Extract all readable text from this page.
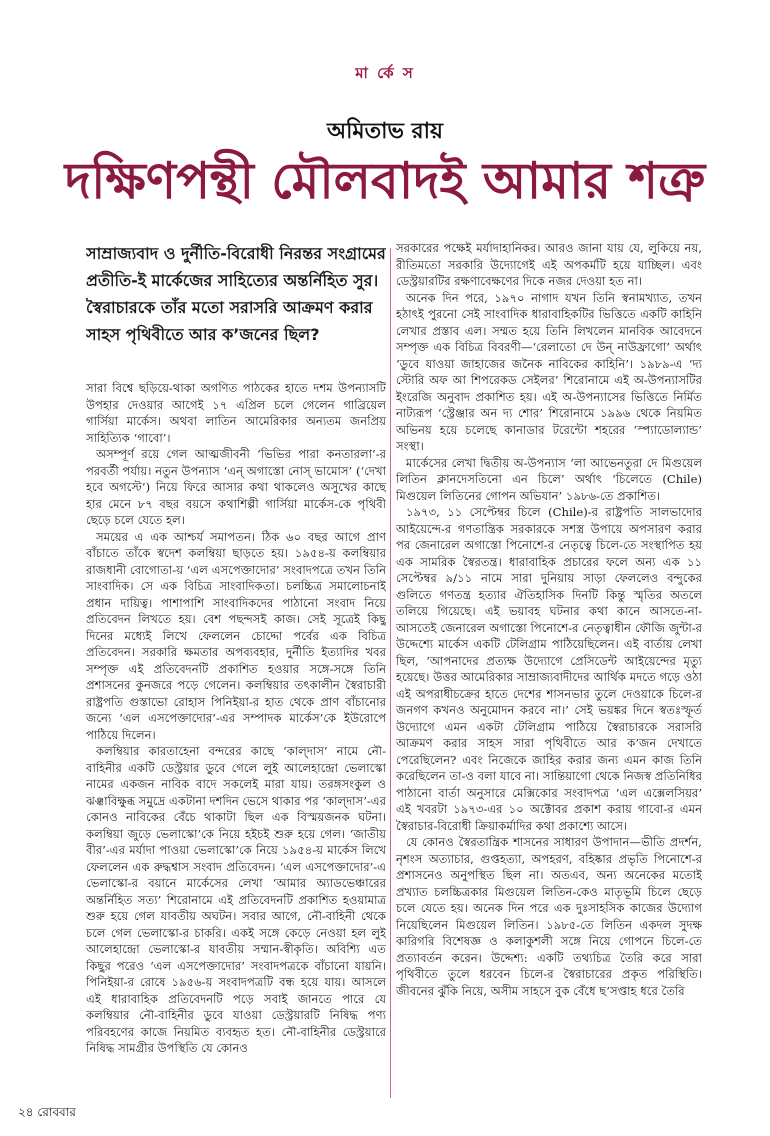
মা র্কে স
অমিতাভ রায়
দক্ষিণপন্থী মৌলবাদই আমার শত্রু

সাম্রাজ্যবাদ ও দুর্নীতি-বিরোধী নিরন্তর সংগ্রামের প্রতীতি-ই মার্কেজের সাহিত্যের অন্তর্নিহিত সুর। স্বৈরাচারকে তাঁর মতো সরাসরি আক্রমণ করার সাহস পৃথিবীতে আর ক’জনের ছিল?

সারা বিশ্বে ছড়িয়ে-থাকা অগণিত পাঠকের হাতে দশম উপন্যাসটি উপহার দেওয়ার আগেই ১৭ এপ্রিল চলে গেলেন গাব্রিয়েল গার্সিয়া মার্কেস। অথবা লাতিন আমেরিকার অন্যতম জনপ্রিয় সাহিত্যিক ‘গাবো’।

অসম্পূর্ণ রয়ে গেল আত্মজীবনী ‘ভিভির পারা কনতারলা’-র পরবর্তী পর্যায়। নতুন উপন্যাস ‘এন্‌ অগাস্তো নোস্‌ ভামোস’ (‘দেখা হবে অগস্টে’) নিয়ে ফিরে আসার কথা থাকলেও অসুখের কাছে হার মেনে ৮৭ বছর বয়সে কথাশিল্পী গার্সিয়া মার্কেস-কে পৃথিবী ছেড়ে চলে যেতে হল।

সময়ের এ এক আশ্চর্য সমাপতন। ঠিক ৬০ বছর আগে প্রাণ বাঁচাতে তাঁকে স্বদেশ কলম্বিয়া ছাড়তে হয়। ১৯৫৪-য় কলম্বিয়ার রাজধানী বোগোতা-য় ‘এল এসপেক্তাদোর’ সংবাদপত্রে তখন তিনি সাংবাদিক। সে এক বিচিত্র সাংবাদিকতা। চলচ্চিত্র সমালোচনাই প্রধান দায়িত্ব। পাশাপাশি সাংবাদিকদের পাঠানো সংবাদ নিয়ে প্রতিবেদন লিখতে হয়। বেশ পছন্দসই কাজ। সেই সূত্রেই কিছু দিনের মধ্যেই লিখে ফেললেন চোদ্দো পর্বের এক বিচিত্র প্রতিবেদন। সরকারি ক্ষমতার অপব্যবহার, দুর্নীতি ইত্যাদির খবর সম্পৃক্ত এই প্রতিবেদনটি প্রকাশিত হওয়ার সঙ্গে-সঙ্গে তিনি প্রশাসনের কুনজরে পড়ে গেলেন। কলম্বিয়ার তৎকালীন স্বৈরাচারী রাষ্ট্রপতি গুস্তাভো রোহাস পিনিইয়া-র হাত থেকে প্রাণ বাঁচানোর জন্যে ‘এল এসপেক্তাদোর’-এর সম্পাদক মার্কেস’কে ইউরোপে পাঠিয়ে দিলেন।

কলম্বিয়ার কারতাহেনা বন্দরের কাছে ‘কাল্‌দাস’ নামে নৌ-বাহিনীর একটি ডেস্ট্রয়ার ডুবে গেলে লুই আলেহান্দ্রো ভেলাস্কো নামের একজন নাবিক বাদে সকলেই মারা যায়। তরঙ্গসংকুল ও ঝঞ্ঝাবিক্ষুব্ধ সমুদ্রে একটানা দশদিন ভেসে থাকার পর ‘কাল্‌দাস’-এর কোনও নাবিকের বেঁচে থাকাটা ছিল এক বিস্ময়জনক ঘটনা। কলম্বিয়া জুড়ে ভেলাস্কো’কে নিয়ে হইচই শুরু হয়ে গেল। ‘জাতীয় বীর’-এর মর্যাদা পাওয়া ভেলাস্কো’কে নিয়ে ১৯৫৪-য় মার্কেস লিখে ফেললেন এক রুদ্ধশ্বাস সংবাদ প্রতিবেদন। ‘এল এসপেক্তাদোর’-এ ভেলাস্কো-র বয়ানে মার্কেসের লেখা ‘আমার অ্যাডভেঞ্চারের অন্তর্নিহিত সত্য’ শিরোনামে এই প্রতিবেদনটি প্রকাশিত হওয়ামাত্র শুরু হয়ে গেল যাবতীয় অঘটন। সবার আগে, নৌ-বাহিনী থেকে চলে গেল ভেলাস্কো-র চাকরি। একই সঙ্গে কেড়ে নেওয়া হল লুই আলেহান্দ্রো ভেলাস্কো-র যাবতীয় সম্মান-স্বীকৃতি। অবিশ্যি এত কিছুর পরেও ‘এল এসপেক্তাদোর’ সংবাদপত্রকে বাঁচানো যায়নি। পিনিইয়া-র রোষে ১৯৫৬-য় সংবাদপত্রটি বন্ধ হয়ে যায়। আসলে এই ধারাবাহিক প্রতিবেদনটি পড়ে সবাই জানতে পারে যে কলম্বিয়ার নৌ-বাহিনীর ডুবে যাওয়া ডেস্ট্রয়ারটি নিষিদ্ধ পণ্য পরিবহণের কাজে নিয়মিত ব্যবহৃত হত। নৌ-বাহিনীর ডেস্ট্রয়ারে নিষিদ্ধ সামগ্রীর উপস্থিতি যে কোনও

সরকারের পক্ষেই মর্যাদাহানিকর। আরও জানা যায় যে, লুকিয়ে নয়, রীতিমতো সরকারি উদ্যোগেই এই অপকর্মটি হয়ে যাচ্ছিল। এবং ডেস্ট্রয়ারটির রক্ষণাবেক্ষণের দিকে নজর দেওয়া হত না।

অনেক দিন পরে, ১৯৭০ নাগাদ যখন তিনি স্বনামখ্যাত, তখন হঠাৎই পুরনো সেই সাংবাদিক ধারাবাহিকটির ভিত্তিতে একটি কাহিনি লেখার প্রস্তাব এল। সম্মত হয়ে তিনি লিখলেন মানবিক আবেদনে সম্পৃক্ত এক বিচিত্র বিবরণী—‘রেলাতো দে উন্‌ নাউফ্রাগো’ অর্থাৎ ‘ডুবে যাওয়া জাহাজের জনৈক নাবিকের কাহিনি’। ১৯৮৯-এ ‘দ্য স্টোরি অফ আ শিপরেকড সেইলর’ শিরোনামে এই অ-উপন্যাসটির ইংরেজি অনুবাদ প্রকাশিত হয়। এই অ-উপন্যাসের ভিত্তিতে নির্মিত নাট্যরূপ ‘স্ট্রেঞ্জার অন দ্য শোর’ শিরোনামে ১৯৯৬ থেকে নিয়মিত অভিনয় হয়ে চলেছে কানাডার টরেন্টো শহরের ‘স্প্যাডোল্যান্ড’ সংস্থা।

মার্কেসের লেখা দ্বিতীয় অ-উপন্যাস ‘লা আভেনতুরা দে মিগুয়েল লিতিন ক্লানদেসতিনো এন চিলে’ অর্থাৎ ‘চিলেতে (Chile) মিগুয়েল লিতিনের গোপন অভিযান’ ১৯৮৬-তে প্রকাশিত।

১৯৭৩, ১১ সেপ্টেম্বর চিলে (Chile)-র রাষ্ট্রপতি সালভাদোর আইয়েন্দে-র গণতান্ত্রিক সরকারকে সশস্ত্র উপায়ে অপসারণ করার পর জেনারেল অগাস্তো পিনোশে-র নেতৃত্বে চিলে-তে সংস্থাপিত হয় এক সামরিক স্বৈরতন্ত্র। ধারাবাহিক প্রচারের ফলে অন্য এক ১১ সেপ্টেম্বর ৯/১১ নামে সারা দুনিয়ায় সাড়া ফেললেও বন্দুকের গুলিতে গণতন্ত্র হত্যার ঐতিহাসিক দিনটি কিন্তু স্মৃতির অতলে তলিয়ে গিয়েছে। এই ভয়াবহ ঘটনার কথা কানে আসতে-না-আসতেই জেনারেল অগাস্তো পিনোশে-র নেতৃত্বাধীন ফৌজি জুন্টা-র উদ্দেশ্যে মার্কেস একটি টেলিগ্রাম পাঠিয়েছিলেন। এই বার্তায় লেখা ছিল, ‘আপনাদের প্রত্যক্ষ উদ্যোগে প্রেসিডেন্ট আইয়েন্দের মৃত্যু হয়েছে। উত্তর আমেরিকার সাম্রাজ্যবাদীদের আর্থিক মদতে গড়ে ওঠা এই অপরাধীচক্রের হাতে দেশের শাসনভার তুলে দেওয়াকে চিলে-র জনগণ কখনও অনুমোদন করবে না।’ সেই ভয়ঙ্কর দিনে স্বতঃস্ফূর্ত উদ্যোগে এমন একটা টেলিগ্রাম পাঠিয়ে স্বৈরাচারকে সরাসরি আক্রমণ করার সাহস সারা পৃথিবীতে আর ক’জন দেখাতে পেরেছিলেন? এবং নিজেকে জাহির করার জন্য এমন কাজ তিনি করেছিলেন তা-ও বলা যাবে না। সান্তিয়াগো থেকে নিজস্ব প্রতিনিধির পাঠানো বার্তা অনুসারে মেক্সিকোর সংবাদপত্র ‘এল এক্সেলসিয়র’ এই খবরটা ১৯৭৩-এর ১০ অক্টোবর প্রকাশ করায় গাবো-র এমন স্বৈরাচার-বিরোধী ক্রিয়াকর্মাদির কথা প্রকাশ্যে আসে।

যে কোনও স্বৈরতান্ত্রিক শাসনের সাধারণ উপাদান—ভীতি প্রদর্শন, নৃশংস অত্যাচার, গুপ্তহত্যা, অপহরণ, বহিষ্কার প্রভৃতি পিনোশে-র প্রশাসনেও অনুপস্থিত ছিল না। অতএব, অন্য অনেকের মতোই প্রখ্যাত চলচ্চিত্রকার মিগুয়েল লিতিন-কেও মাতৃভূমি চিলে ছেড়ে চলে যেতে হয়। অনেক দিন পরে এক দুঃসাহসিক কাজের উদ্যোগ নিয়েছিলেন মিগুয়েল লিতিন। ১৯৮৫-তে লিতিন একদল সুদক্ষ কারিগরি বিশেষজ্ঞ ও কলাকুশলী সঙ্গে নিয়ে গোপনে চিলে-তে প্রত্যাবর্তন করেন। উদ্দেশ্য: একটি তথ্যচিত্র তৈরি করে সারা পৃথিবীতে তুলে ধরবেন চিলে-র স্বৈরাচারের প্রকৃত পরিস্থিতি। জীবনের ঝুঁকি নিয়ে, অসীম সাহসে বুক বেঁধে ছ’সপ্তাহ ধরে তৈরি

২৪ রোববার
